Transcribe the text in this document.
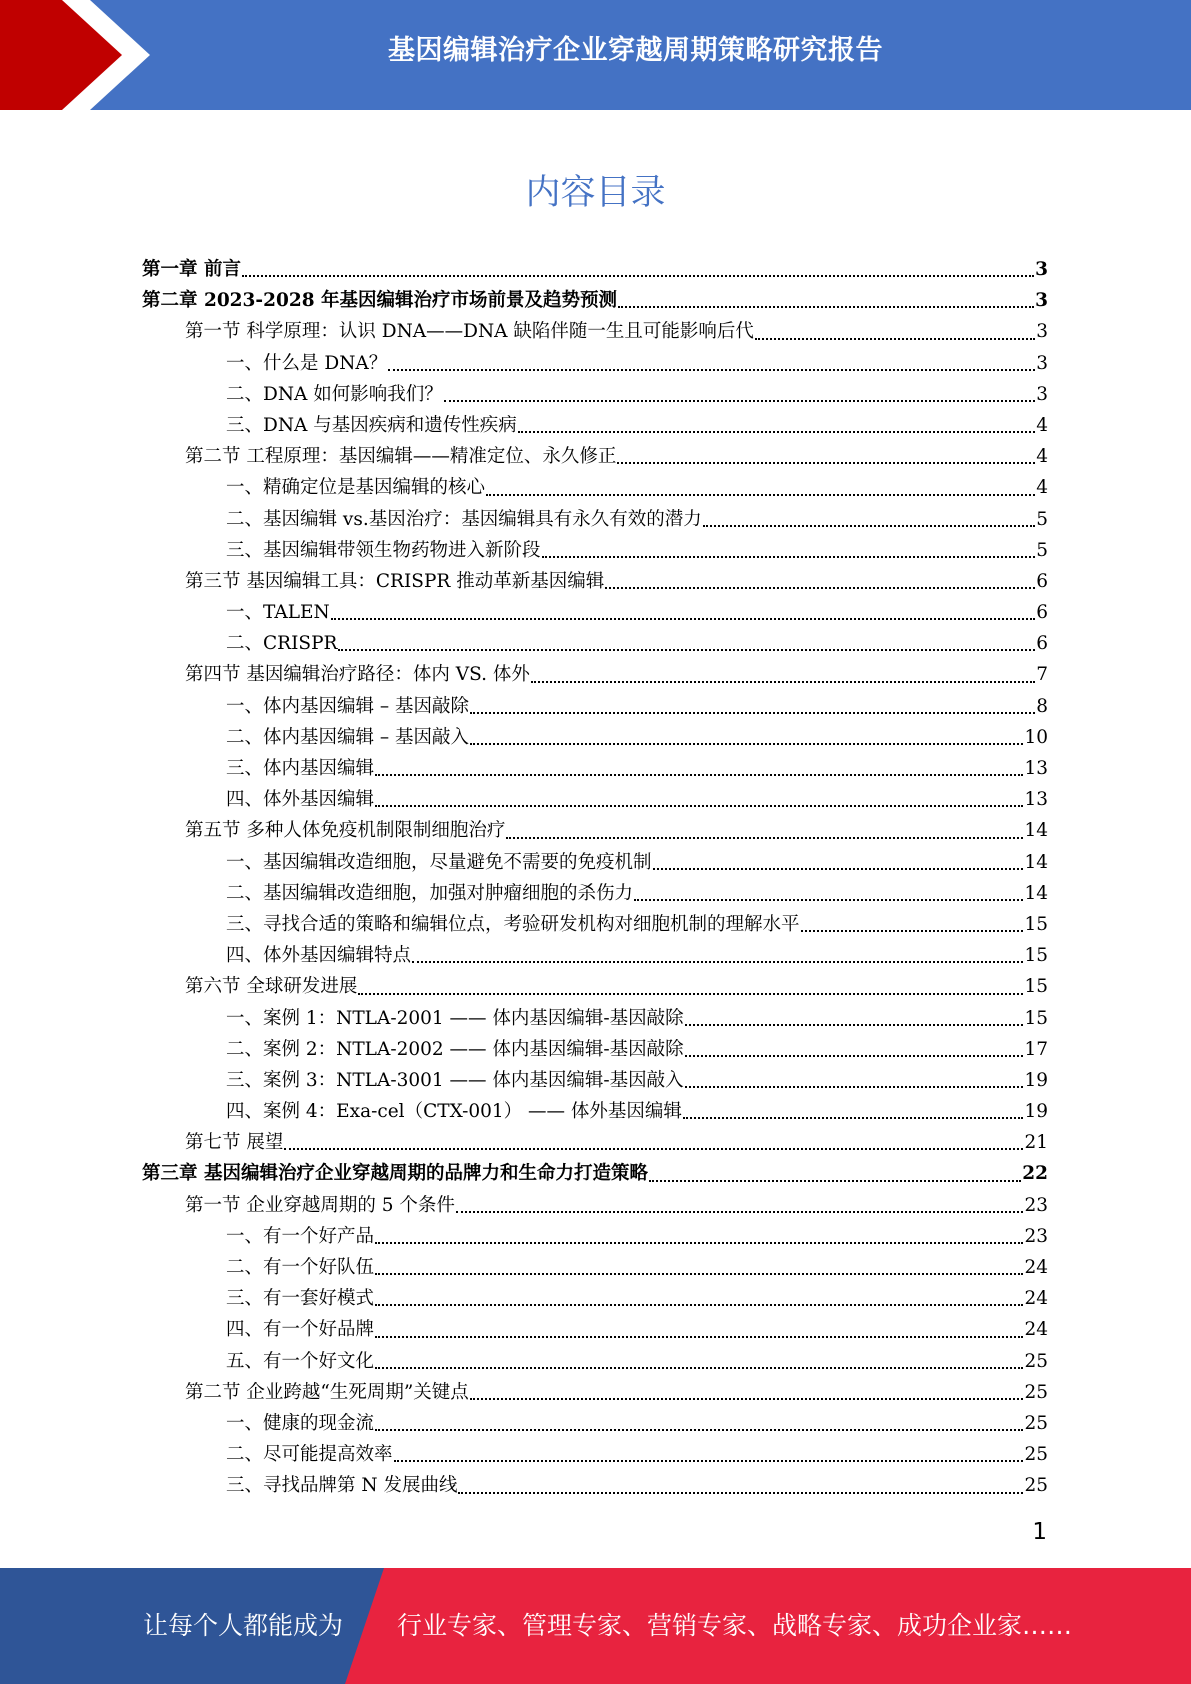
基因编辑治疗企业穿越周期策略研究报告
内容目录
第一章 前言	3
第二章 2023-2028 年基因编辑治疗市场前景及趋势预测	3
第一节 科学原理：认识 DNA——DNA 缺陷伴随一生且可能影响后代	3
一、什么是 DNA？	3
二、DNA 如何影响我们？	3
三、DNA 与基因疾病和遗传性疾病	4
第二节 工程原理：基因编辑——精准定位、永久修正	4
一、精确定位是基因编辑的核心	4
二、基因编辑 vs.基因治疗：基因编辑具有永久有效的潜力	5
三、基因编辑带领生物药物进入新阶段	5
第三节 基因编辑工具：CRISPR 推动革新基因编辑	6
一、TALEN	6
二、CRISPR	6
第四节 基因编辑治疗路径：体内 VS. 体外	7
一、体内基因编辑 – 基因敲除	8
二、体内基因编辑 – 基因敲入	10
三、体内基因编辑	13
四、体外基因编辑	13
第五节 多种人体免疫机制限制细胞治疗	14
一、基因编辑改造细胞，尽量避免不需要的免疫机制	14
二、基因编辑改造细胞，加强对肿瘤细胞的杀伤力	14
三、寻找合适的策略和编辑位点，考验研发机构对细胞机制的理解水平	15
四、体外基因编辑特点	15
第六节 全球研发进展	15
一、案例 1：NTLA-2001 —— 体内基因编辑-基因敲除	15
二、案例 2：NTLA-2002 —— 体内基因编辑-基因敲除	17
三、案例 3：NTLA-3001 —— 体内基因编辑-基因敲入	19
四、案例 4：Exa-cel（CTX-001） —— 体外基因编辑	19
第七节 展望	21
第三章 基因编辑治疗企业穿越周期的品牌力和生命力打造策略	22
第一节 企业穿越周期的 5 个条件	23
一、有一个好产品	23
二、有一个好队伍	24
三、有一套好模式	24
四、有一个好品牌	24
五、有一个好文化	25
第二节 企业跨越“生死周期”关键点	25
一、健康的现金流	25
二、尽可能提高效率	25
三、寻找品牌第 N 发展曲线	25
1
让每个人都能成为 行业专家、管理专家、营销专家、战略专家、成功企业家……
